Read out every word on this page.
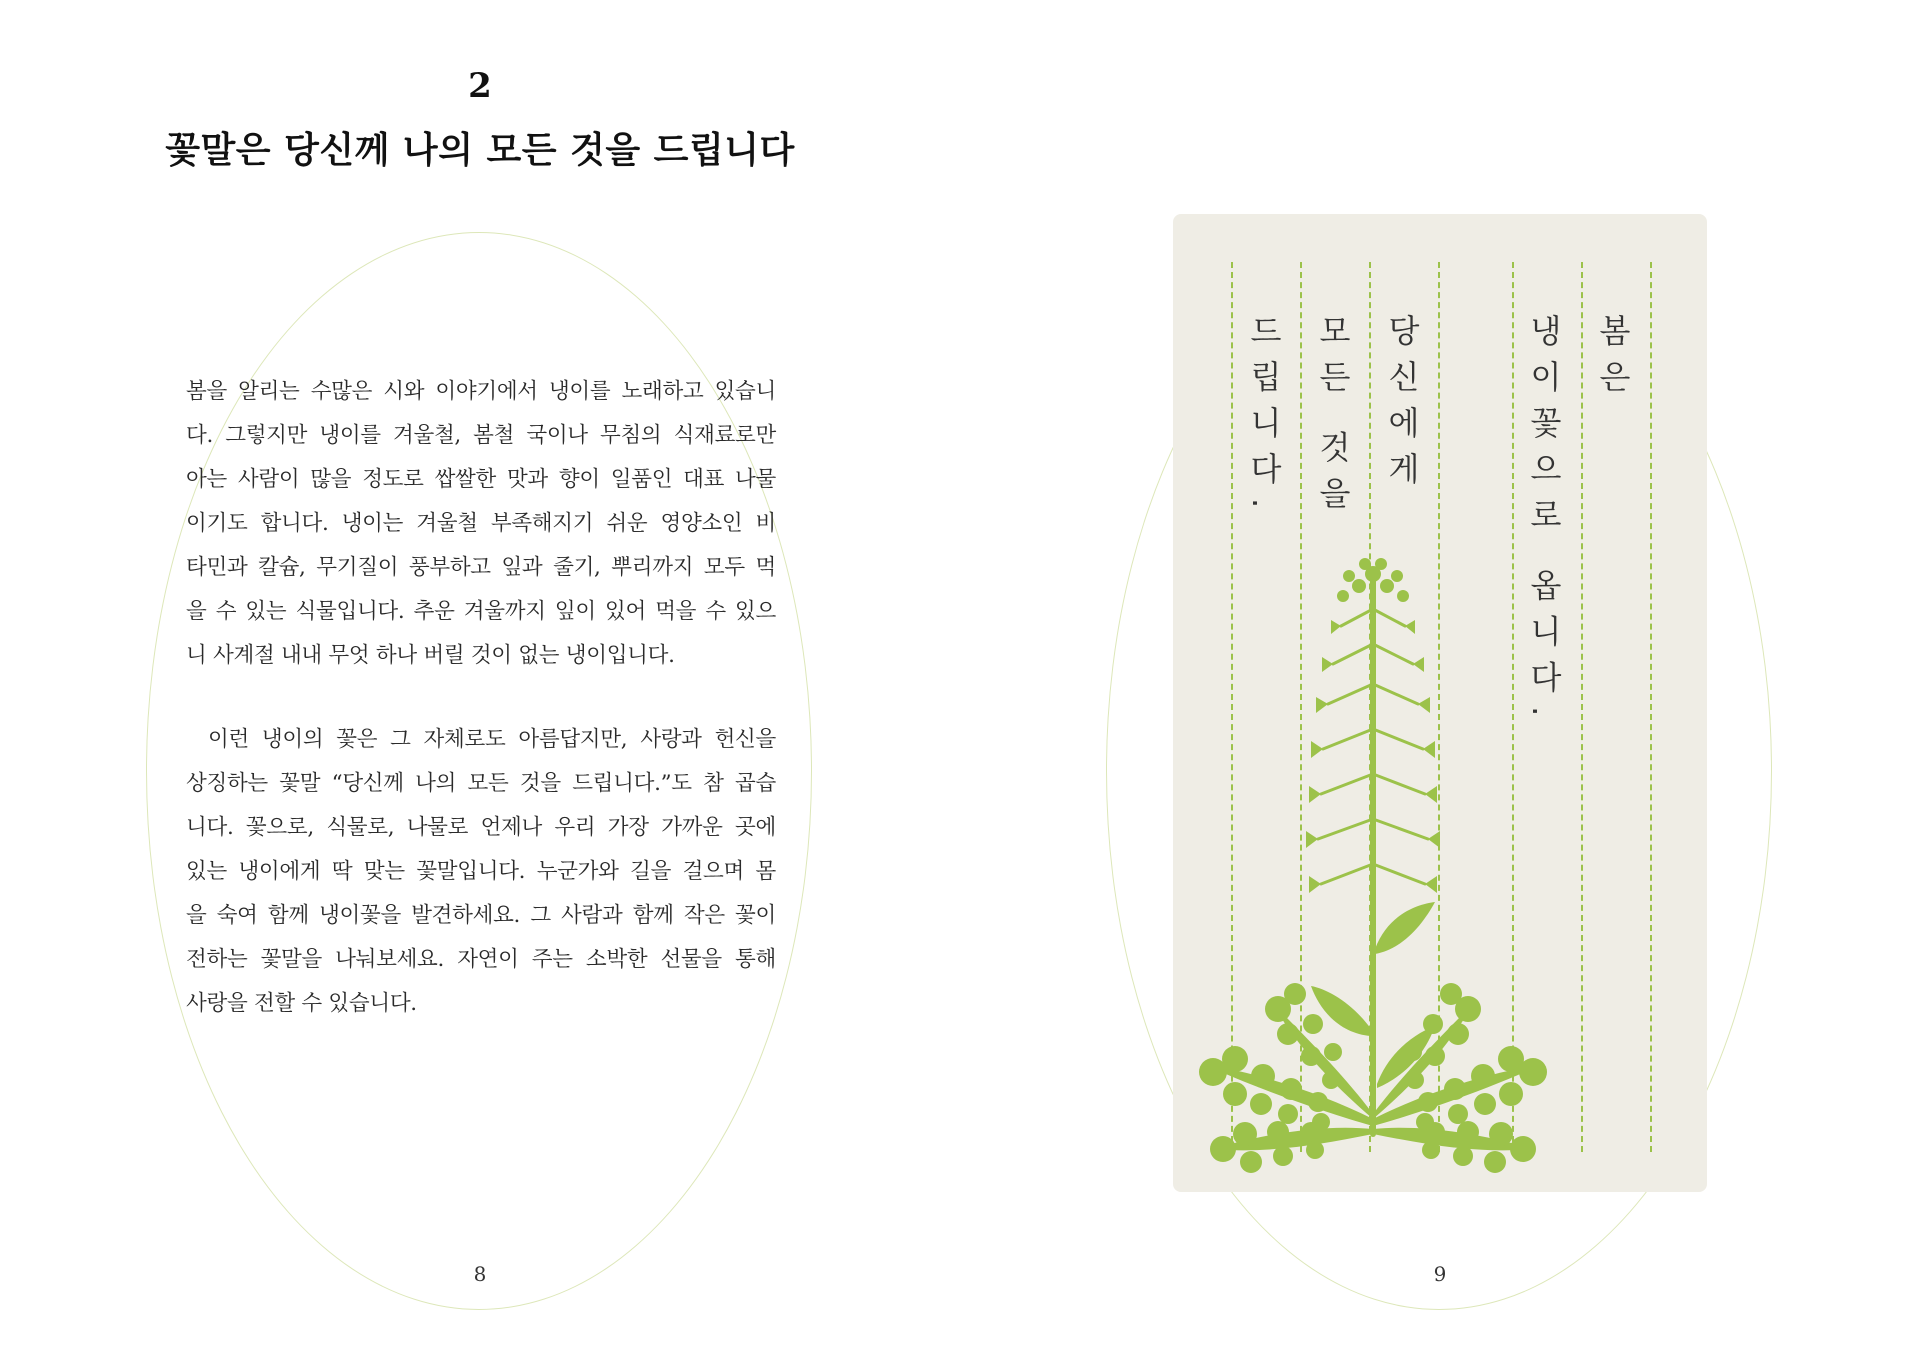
2
꽃말은 당신께 나의 모든 것을 드립니다
봄을 알리는 수많은 시와 이야기에서 냉이를 노래하고 있습니
다. 그렇지만 냉이를 겨울철, 봄철 국이나 무침의 식재료로만
아는 사람이 많을 정도로 쌉쌀한 맛과 향이 일품인 대표 나물
이기도 합니다. 냉이는 겨울철 부족해지기 쉬운 영양소인 비
타민과 칼슘, 무기질이 풍부하고 잎과 줄기, 뿌리까지 모두 먹
을 수 있는 식물입니다. 추운 겨울까지 잎이 있어 먹을 수 있으
니 사계절 내내 무엇 하나 버릴 것이 없는 냉이입니다.
이런 냉이의 꽃은 그 자체로도 아름답지만, 사랑과 헌신을
상징하는 꽃말 “당신께 나의 모든 것을 드립니다.”도 참 곱습
니다. 꽃으로, 식물로, 나물로 언제나 우리 가장 가까운 곳에
있는 냉이에게 딱 맞는 꽃말입니다. 누군가와 길을 걸으며 몸
을 숙여 함께 냉이꽃을 발견하세요. 그 사람과 함께 작은 꽃이
전하는 꽃말을 나눠보세요. 자연이 주는 소박한 선물을 통해
사랑을 전할 수 있습니다.
8
봄은
냉이꽃으로 옵니다.
당신에게
모든 것을
드립니다.
9
